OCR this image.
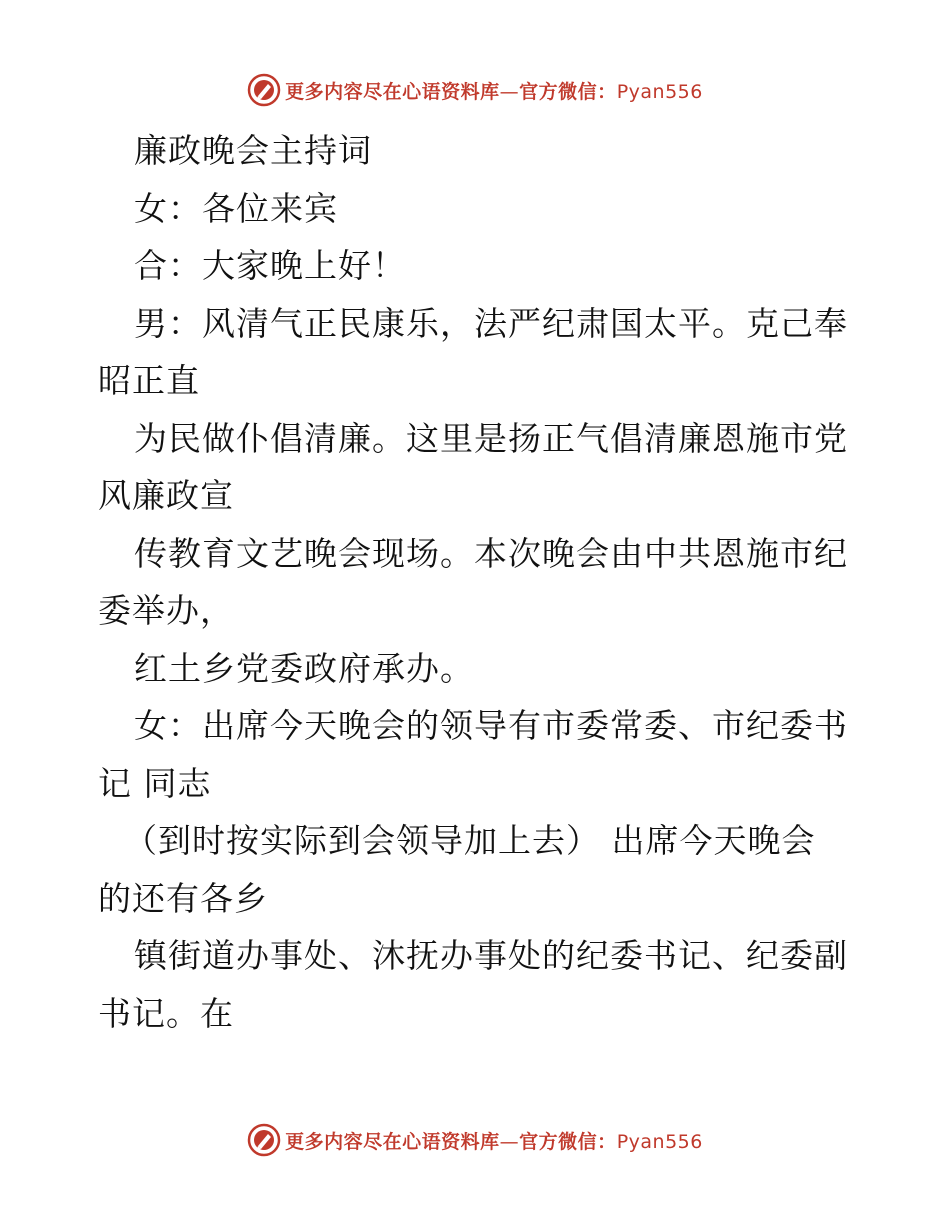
更多内容尽在心语资料库—官方微信：Pyan556
廉政晚会主持词
女：各位来宾
合：大家晚上好！
男：风清气正民康乐，法严纪肃国太平。克己奉
昭正直
为民做仆倡清廉。这里是扬正气倡清廉恩施市党
风廉政宣
传教育文艺晚会现场。本次晚会由中共恩施市纪
委举办，
红土乡党委政府承办。
女：出席今天晚会的领导有市委常委、市纪委书
记 同志
（到时按实际到会领导加上去） 出席今天晚会
的还有各乡
镇街道办事处、沐抚办事处的纪委书记、纪委副
书记。在
更多内容尽在心语资料库—官方微信：Pyan556
